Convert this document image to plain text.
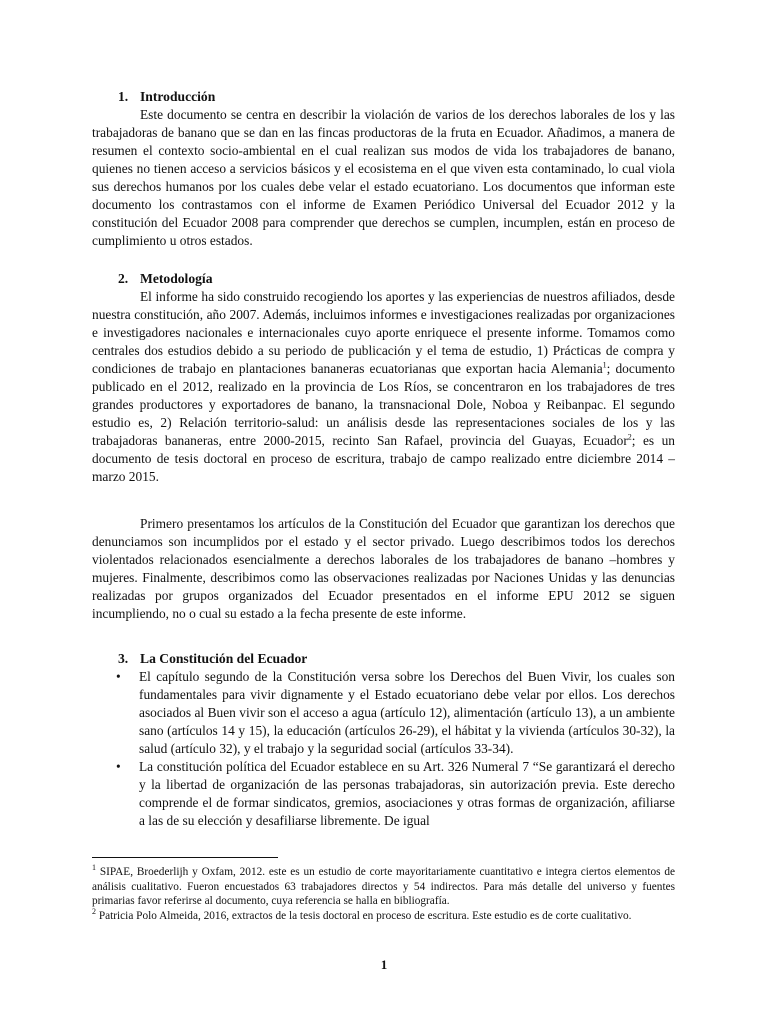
1. Introducción

Este documento se centra en describir la violación de varios de los derechos laborales de los y las trabajadoras de banano que se dan en las fincas productoras de la fruta en Ecuador. Añadimos, a manera de resumen el contexto socio-ambiental en el cual realizan sus modos de vida los trabajadores de banano, quienes no tienen acceso a servicios básicos y el ecosistema en el que viven esta contaminado, lo cual viola sus derechos humanos por los cuales debe velar el estado ecuatoriano. Los documentos que informan este documento los contrastamos con el informe de Examen Periódico Universal del Ecuador 2012 y la constitución del Ecuador 2008 para comprender que derechos se cumplen, incumplen, están en proceso de cumplimiento u otros estados.

2. Metodología

El informe ha sido construido recogiendo los aportes y las experiencias de nuestros afiliados, desde nuestra constitución, año 2007. Además, incluimos informes e investigaciones realizadas por organizaciones e investigadores nacionales e internacionales cuyo aporte enriquece el presente informe. Tomamos como centrales dos estudios debido a su periodo de publicación y el tema de estudio, 1) Prácticas de compra y condiciones de trabajo en plantaciones bananeras ecuatorianas que exportan hacia Alemania$^1$; documento publicado en el 2012, realizado en la provincia de Los Ríos, se concentraron en los trabajadores de tres grandes productores y exportadores de banano, la transnacional Dole, Noboa y Reibanpac. El segundo estudio es, 2) Relación territorio-salud: un análisis desde las representaciones sociales de los y las trabajadoras bananeras, entre 2000-2015, recinto San Rafael, provincia del Guayas, Ecuador$^2$; es un documento de tesis doctoral en proceso de escritura, trabajo de campo realizado entre diciembre 2014 – marzo 2015.

Primero presentamos los artículos de la Constitución del Ecuador que garantizan los derechos que denunciamos son incumplidos por el estado y el sector privado. Luego describimos todos los derechos violentados relacionados esencialmente a derechos laborales de los trabajadores de banano –hombres y mujeres. Finalmente, describimos como las observaciones realizadas por Naciones Unidas y las denuncias realizadas por grupos organizados del Ecuador presentados en el informe EPU 2012 se siguen incumpliendo, no o cual su estado a la fecha presente de este informe.

3. La Constitución del Ecuador
• El capítulo segundo de la Constitución versa sobre los Derechos del Buen Vivir, los cuales son fundamentales para vivir dignamente y el Estado ecuatoriano debe velar por ellos. Los derechos asociados al Buen vivir son el acceso a agua (artículo 12), alimentación (artículo 13), a un ambiente sano (artículos 14 y 15), la educación (artículos 26-29), el hábitat y la vivienda (artículos 30-32), la salud (artículo 32), y el trabajo y la seguridad social (artículos 33-34).
• La constitución política del Ecuador establece en su Art. 326 Numeral 7 “Se garantizará el derecho y la libertad de organización de las personas trabajadoras, sin autorización previa. Este derecho comprende el de formar sindicatos, gremios, asociaciones y otras formas de organización, afiliarse a las de su elección y desafiliarse libremente. De igual

$^1$ SIPAE, Broederlijh y Oxfam, 2012. este es un estudio de corte mayoritariamente cuantitativo e integra ciertos elementos de análisis cualitativo. Fueron encuestados 63 trabajadores directos y 54 indirectos. Para más detalle del universo y fuentes primarias favor referirse al documento, cuya referencia se halla en bibliografía.

$^2$ Patricia Polo Almeida, 2016, extractos de la tesis doctoral en proceso de escritura. Este estudio es de corte cualitativo.

1
